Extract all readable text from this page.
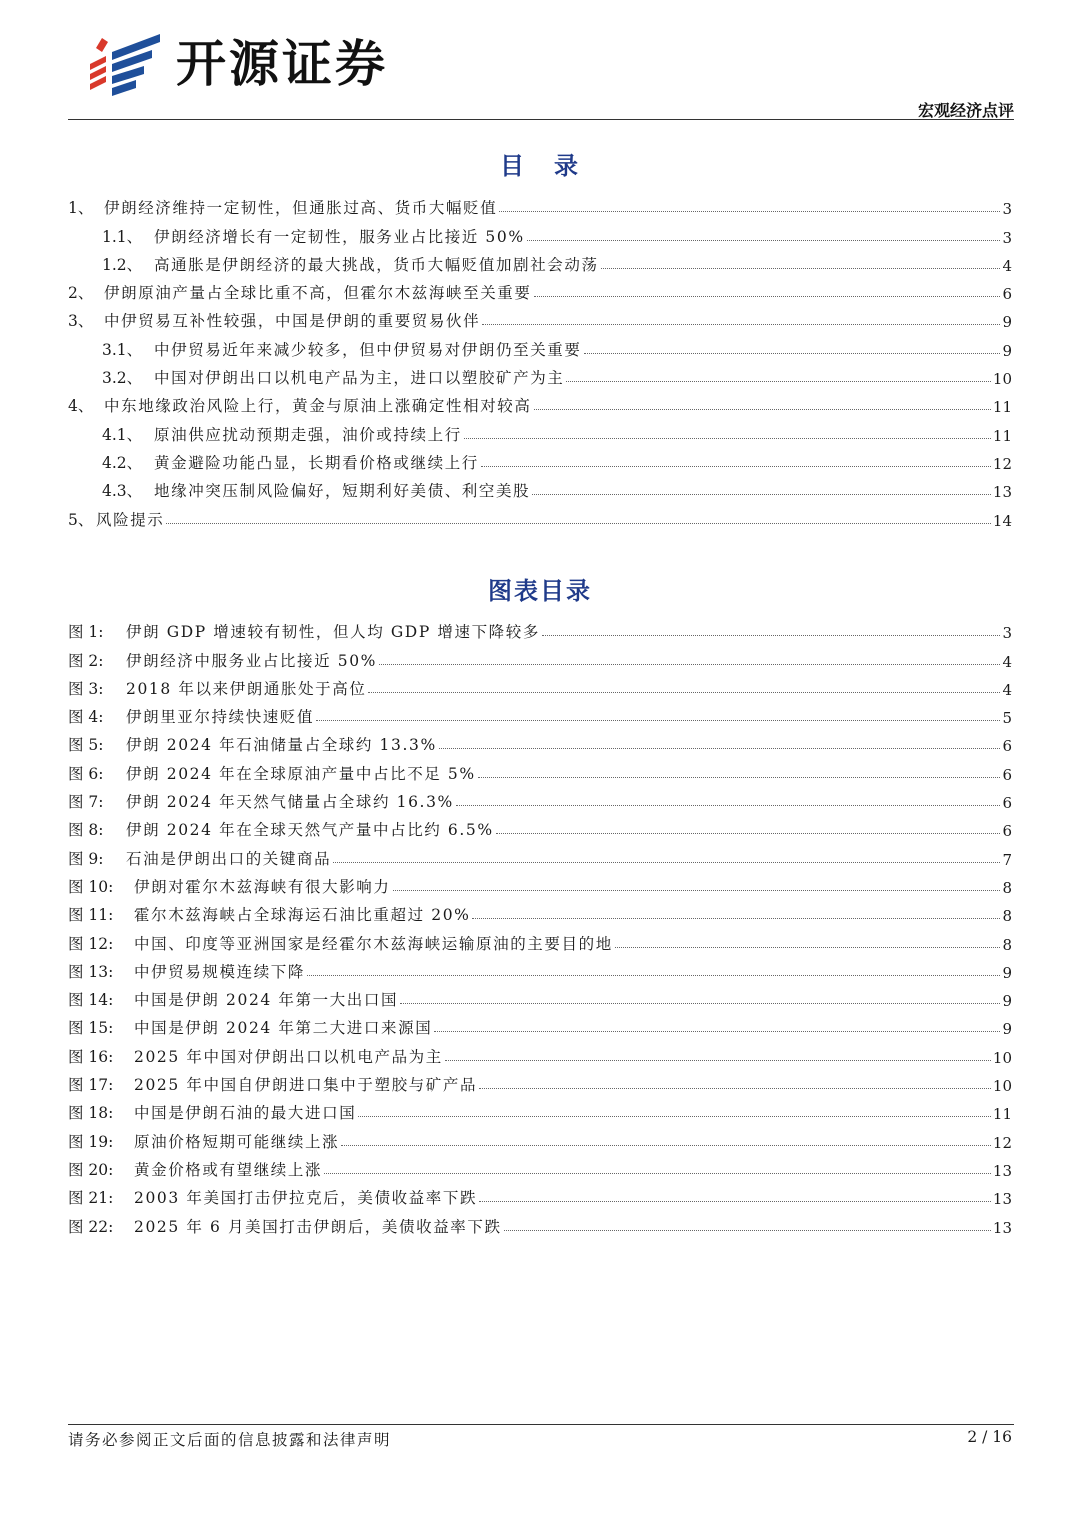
开源证券
宏观经济点评
目录
1、 伊朗经济维持一定韧性，但通胀过高、货币大幅贬值	3
1.1、 伊朗经济增长有一定韧性，服务业占比接近 50%	3
1.2、 高通胀是伊朗经济的最大挑战，货币大幅贬值加剧社会动荡	4
2、 伊朗原油产量占全球比重不高，但霍尔木兹海峡至关重要	6
3、 中伊贸易互补性较强，中国是伊朗的重要贸易伙伴	9
3.1、 中伊贸易近年来减少较多，但中伊贸易对伊朗仍至关重要	9
3.2、 中国对伊朗出口以机电产品为主，进口以塑胶矿产为主	10
4、 中东地缘政治风险上行，黄金与原油上涨确定性相对较高	11
4.1、 原油供应扰动预期走强，油价或持续上行	11
4.2、 黄金避险功能凸显，长期看价格或继续上行	12
4.3、 地缘冲突压制风险偏好，短期利好美债、利空美股	13
5、 风险提示	14
图表目录
图 1:	伊朗 GDP 增速较有韧性，但人均 GDP 增速下降较多	3
图 2:	伊朗经济中服务业占比接近 50%	4
图 3:	2018 年以来伊朗通胀处于高位	4
图 4:	伊朗里亚尔持续快速贬值	5
图 5:	伊朗 2024 年石油储量占全球约 13.3%	6
图 6:	伊朗 2024 年在全球原油产量中占比不足 5%	6
图 7:	伊朗 2024 年天然气储量占全球约 16.3%	6
图 8:	伊朗 2024 年在全球天然气产量中占比约 6.5%	6
图 9:	石油是伊朗出口的关键商品	7
图 10:	伊朗对霍尔木兹海峡有很大影响力	8
图 11:	霍尔木兹海峡占全球海运石油比重超过 20%	8
图 12:	中国、印度等亚洲国家是经霍尔木兹海峡运输原油的主要目的地	8
图 13:	中伊贸易规模连续下降	9
图 14:	中国是伊朗 2024 年第一大出口国	9
图 15:	中国是伊朗 2024 年第二大进口来源国	9
图 16:	2025 年中国对伊朗出口以机电产品为主	10
图 17:	2025 年中国自伊朗进口集中于塑胶与矿产品	10
图 18:	中国是伊朗石油的最大进口国	11
图 19:	原油价格短期可能继续上涨	12
图 20:	黄金价格或有望继续上涨	13
图 21:	2003 年美国打击伊拉克后，美债收益率下跌	13
图 22:	2025 年 6 月美国打击伊朗后，美债收益率下跌	13
请务必参阅正文后面的信息披露和法律声明	2 / 16
